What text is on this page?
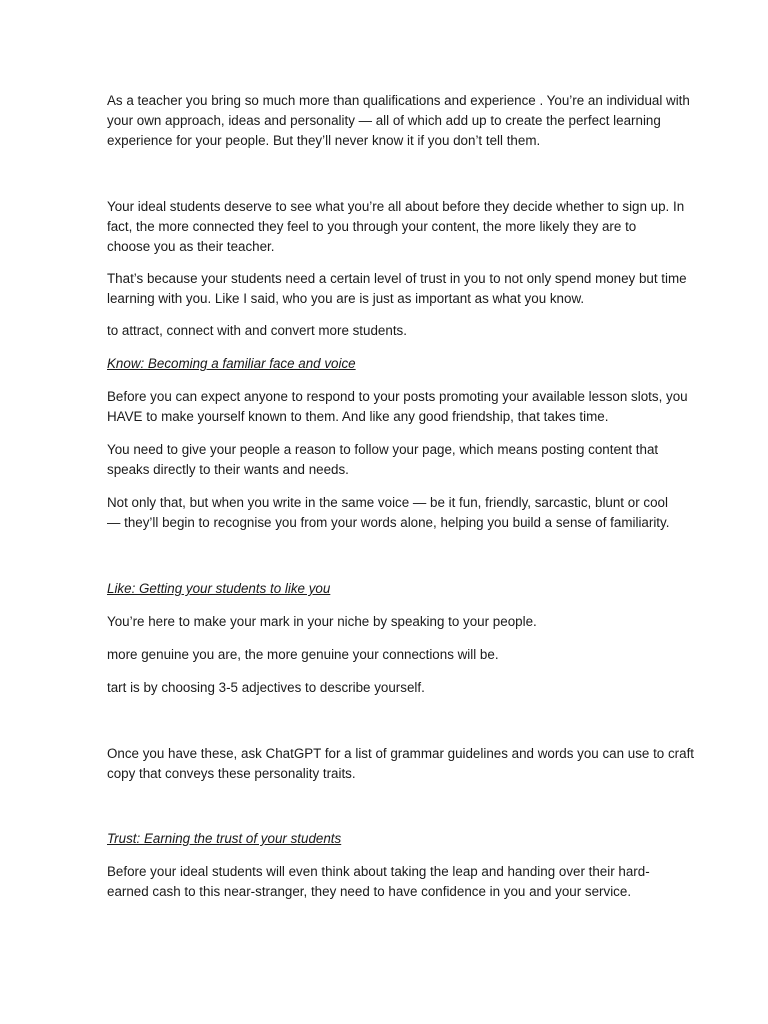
As a teacher you bring so much more than qualifications and experience . You’re an individual with
your own approach, ideas and personality — all of which add up to create the perfect learning
experience for your people. But they’ll never know it if you don’t tell them.

Your ideal students deserve to see what you’re all about before they decide whether to sign up. In
fact, the more connected they feel to you through your content, the more likely they are to
choose you as their teacher.

That’s because your students need a certain level of trust in you to not only spend money but time
learning with you. Like I said, who you are is just as important as what you know.

to attract, connect with and convert more students.

Know: Becoming a familiar face and voice

Before you can expect anyone to respond to your posts promoting your available lesson slots, you
HAVE to make yourself known to them. And like any good friendship, that takes time.

You need to give your people a reason to follow your page, which means posting content that
speaks directly to their wants and needs.

Not only that, but when you write in the same voice — be it fun, friendly, sarcastic, blunt or cool
— they’ll begin to recognise you from your words alone, helping you build a sense of familiarity.

Like: Getting your students to like you

You’re here to make your mark in your niche by speaking to your people.

more genuine you are, the more genuine your connections will be.

tart is by choosing 3-5 adjectives to describe yourself.

Once you have these, ask ChatGPT for a list of grammar guidelines and words you can use to craft
copy that conveys these personality traits.

Trust: Earning the trust of your students

Before your ideal students will even think about taking the leap and handing over their hard-
earned cash to this near-stranger, they need to have confidence in you and your service.
